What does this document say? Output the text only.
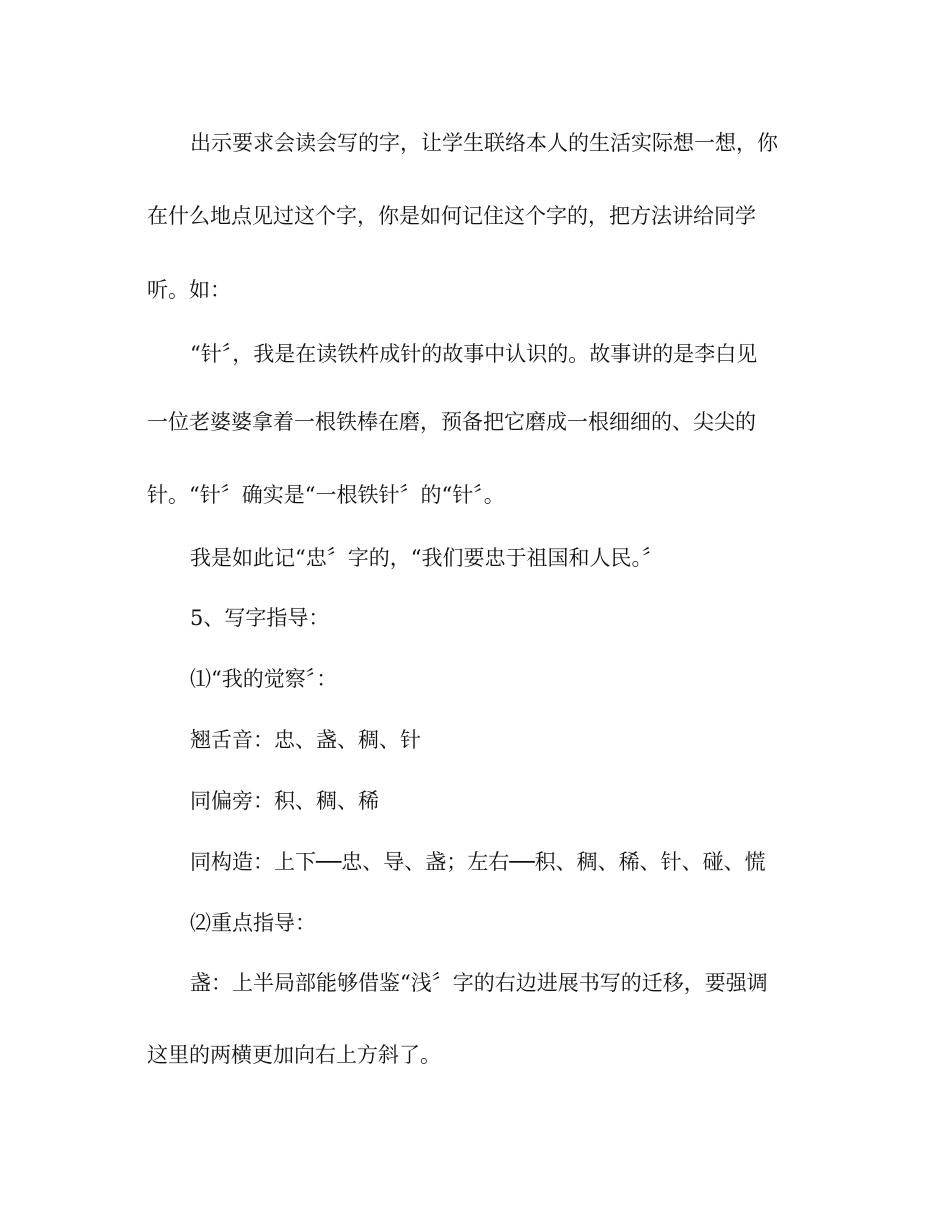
出示要求会读会写的字，让学生联络本人的生活实际想一想，你
在什么地点见过这个字，你是如何记住这个字的，把方法讲给同学
听。如：
“针〞，我是在读铁杵成针的故事中认识的。故事讲的是李白见
一位老婆婆拿着一根铁棒在磨，预备把它磨成一根细细的、尖尖的
针。“针〞确实是“一根铁针〞的“针〞。
我是如此记“忠〞字的，“我们要忠于祖国和人民。〞
5、写字指导：
⑴“我的觉察〞：
翘舌音：忠、盏、稠、针
同偏旁：积、稠、稀
同构造：上下──忠、导、盏；左右──积、稠、稀、针、碰、慌
⑵重点指导：
盏：上半局部能够借鉴“浅〞字的右边进展书写的迁移，要强调
这里的两横更加向右上方斜了。
